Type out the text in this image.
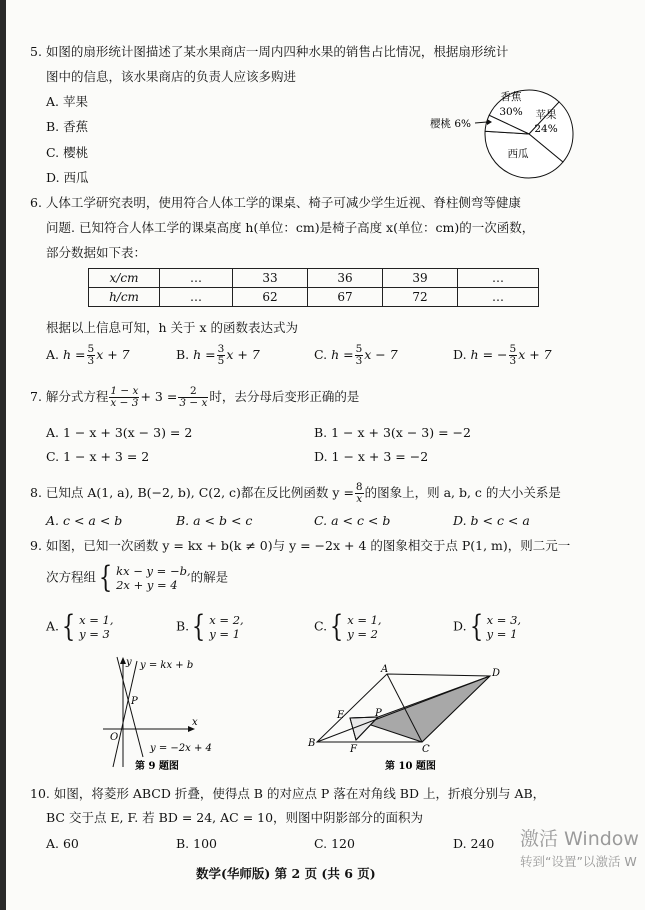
5. 如图的扇形统计图描述了某水果商店一周内四种水果的销售占比情况，根据扇形统计
图中的信息，该水果商店的负责人应该多购进
A. 苹果
B. 香蕉
C. 樱桃
D. 西瓜
香蕉
30% 苹果
24%
西瓜
樱桃 6%
6. 人体工学研究表明，使用符合人体工学的课桌、椅子可减少学生近视、脊柱侧弯等健康
问题. 已知符合人体工学的课桌高度 h(单位：cm)是椅子高度 x(单位：cm)的一次函数，
部分数据如下表：
x/cm	…	33	36	39	…
h/cm	…	62	67	72	…
根据以上信息可知，h 关于 x 的函数表达式为
A. $h = \frac{5}{3}$ x + 7	B. $h = \frac{3}{5}$ x + 7	C. $h = \frac{5}{3}$ x − 7	D. h = − $\frac{5}{3}$ x + 7
7. 解分式方程 $\frac{1 - x}{x - 3} + 3 = \frac{2}{3 - x}$ 时，去分母后变形正确的是
A. 1 − x + 3(x − 3) = 2	B. 1 − x + 3(x − 3) = −2
C. 1 − x + 3 = 2	D. 1 − x + 3 = −2
8. 已知点 A(1, a), B(−2, b), C(2, c)都在反比例函数 $y = \frac{8}{x}$ 的图象上，则 a, b, c 的大小关系是
A. c < a < b	B. a < b < c	C. a < c < b	D. b < c < a
9. 如图，已知一次函数 y = kx + b(k ≠ 0)与 y = −2x + 4 的图象相交于点 P(1, m)，则二元一
次方程组{ kx − y = −b,
2x + y = 4
的解是
A.{ x = 1,
y = 3
B.{ x = 2,
y = 1
C.{ x = 1,
y = 2
D.{ x = 3,
y = 1
y
x
O
y = kx + b
y = −2x + 4
P
第 9 题图
A	D
B
C
E
F
P
第 10 题图
10. 如图，将菱形 ABCD 折叠，使得点 B 的对应点 P 落在对角线 BD 上，折痕分别与 AB，
BC 交于点 E, F. 若 BD = 24, AC = 10，则图中阴影部分的面积为
A. 60	B. 100	C. 120	D. 240
数学(华师版) 第 2 页 (共 6 页)
激活 Window
转到“设置”以激活 W
